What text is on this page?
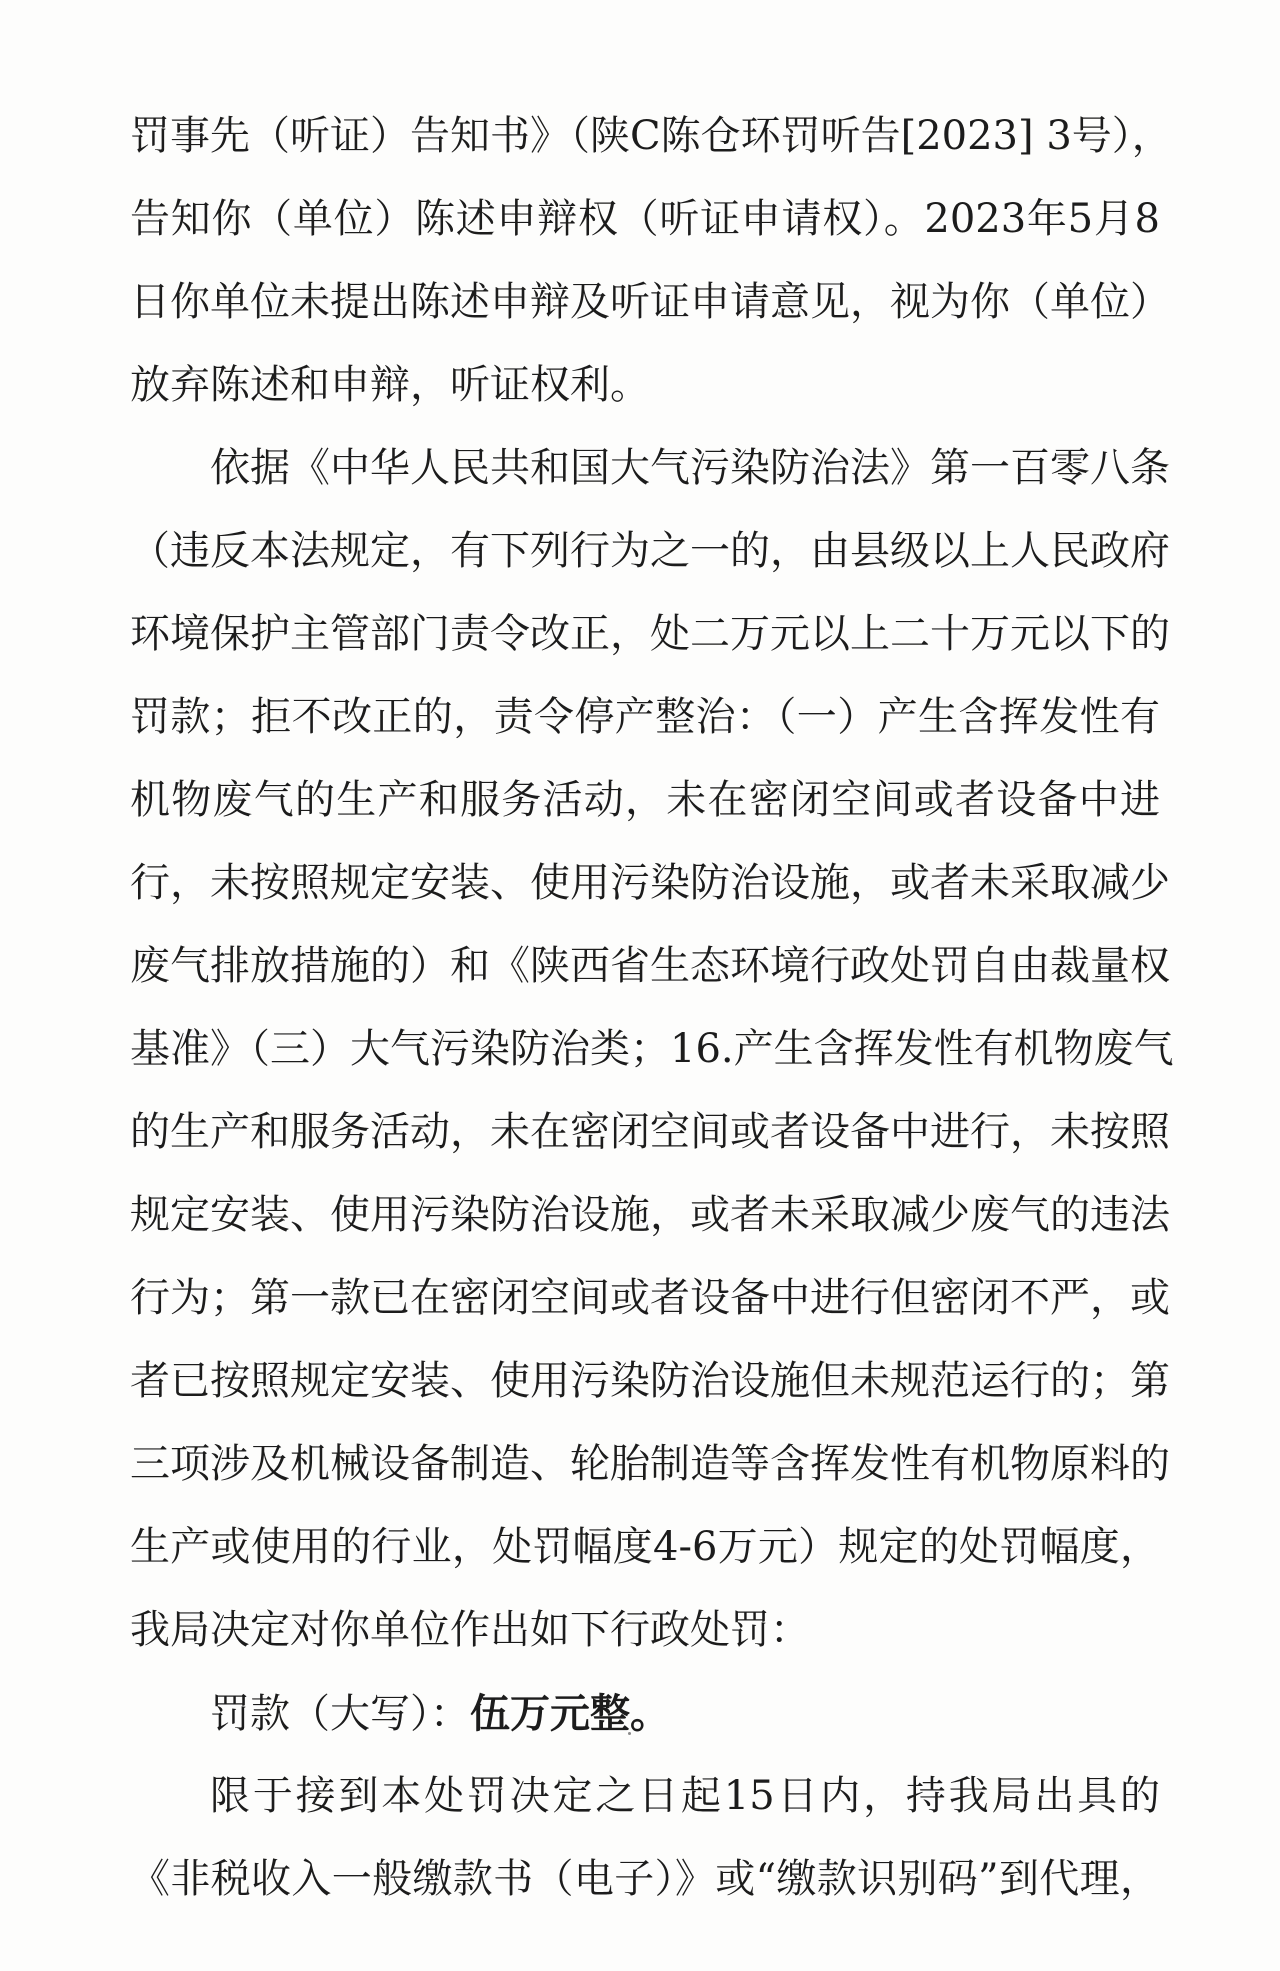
罚事先（听证）告知书》（陕C陈仓环罚听告[2023] 3号），
告知你（单位）陈述申辩权（听证申请权）。2023年5月8
日你单位未提出陈述申辩及听证申请意见，视为你（单位）
放弃陈述和申辩，听证权利。
依据《中华人民共和国大气污染防治法》第一百零八条
（违反本法规定，有下列行为之一的，由县级以上人民政府
环境保护主管部门责令改正，处二万元以上二十万元以下的
罚款；拒不改正的，责令停产整治：（一）产生含挥发性有
机物废气的生产和服务活动，未在密闭空间或者设备中进
行，未按照规定安装、使用污染防治设施，或者未采取减少
废气排放措施的）和《陕西省生态环境行政处罚自由裁量权
基准》（三）大气污染防治类；16.产生含挥发性有机物废气
的生产和服务活动，未在密闭空间或者设备中进行，未按照
规定安装、使用污染防治设施，或者未采取减少废气的违法
行为；第一款已在密闭空间或者设备中进行但密闭不严，或
者已按照规定安装、使用污染防治设施但未规范运行的；第
三项涉及机械设备制造、轮胎制造等含挥发性有机物原料的
生产或使用的行业，处罚幅度4-6万元）规定的处罚幅度，
我局决定对你单位作出如下行政处罚：
罚款（大写）：伍万元整。
限于接到本处罚决定之日起15日内，持我局出具的
《非税收入一般缴款书（电子）》或“缴款识别码”到代理，
